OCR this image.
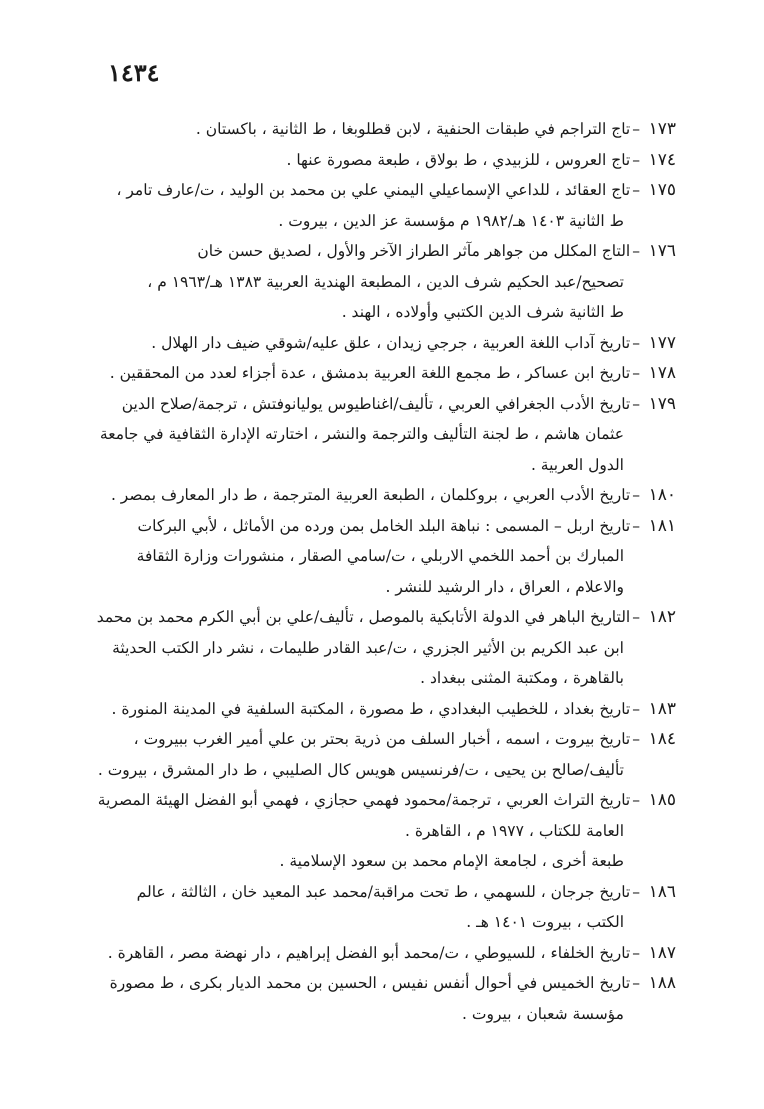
١٤٣٤
١٧٣–تاج التراجم في طبقات الحنفية ، لابن قطلوبغا ، ط الثانية ، باكستان .
١٧٤–تاج العروس ، للزبيدي ، ط بولاق ، طبعة مصورة عنها .
١٧٥–تاج العقائد ، للداعي الإسماعيلي اليمني علي بن محمد بن الوليد ، ت/عارف تامر ،
ط الثانية ١٤٠٣ هـ/١٩٨٢ م مؤسسة عز الدين ، بيروت .
١٧٦–التاج المكلل من جواهر مآثر الطراز الآخر والأول ، لصديق حسن خان
تصحيح/عبد الحكيم شرف الدين ، المطبعة الهندية العربية ١٣٨٣ هـ/١٩٦٣ م ،
ط الثانية شرف الدين الكتبي وأولاده ، الهند .
١٧٧–تاريخ آداب اللغة العربية ، جرجي زيدان ، علق عليه/شوقي ضيف دار الهلال .
١٧٨–تاريخ ابن عساكر ، ط مجمع اللغة العربية بدمشق ، عدة أجزاء لعدد من المحققين .
١٧٩–تاريخ الأدب الجغرافي العربي ، تأليف/اغناطيوس يوليانوفتش ، ترجمة/صلاح الدين
عثمان هاشم ، ط لجنة التأليف والترجمة والنشر ، اختارته الإدارة الثقافية في جامعة
الدول العربية .
١٨٠–تاريخ الأدب العربي ، بروكلمان ، الطبعة العربية المترجمة ، ط دار المعارف بمصر .
١٨١–تاريخ اربل – المسمى : نباهة البلد الخامل بمن ورده من الأماثل ، لأبي البركات
المبارك بن أحمد اللخمي الاربلي ، ت/سامي الصقار ، منشورات وزارة الثقافة
والاعلام ، العراق ، دار الرشيد للنشر .
١٨٢–التاريخ الباهر في الدولة الأتابكية بالموصل ، تأليف/علي بن أبي الكرم محمد بن محمد
ابن عبد الكريم بن الأثير الجزري ، ت/عبد القادر طليمات ، نشر دار الكتب الحديثة
بالقاهرة ، ومكتبة المثنى ببغداد .
١٨٣–تاريخ بغداد ، للخطيب البغدادي ، ط مصورة ، المكتبة السلفية في المدينة المنورة .
١٨٤–تاريخ بيروت ، اسمه ، أخبار السلف من ذرية بحتر بن علي أمير الغرب ببيروت ،
تأليف/صالح بن يحيى ، ت/فرنسيس هويس كال الصليبي ، ط دار المشرق ، بيروت .
١٨٥–تاريخ التراث العربي ، ترجمة/محمود فهمي حجازي ، فهمي أبو الفضل الهيئة المصرية
العامة للكتاب ، ١٩٧٧ م ، القاهرة .
طبعة أخرى ، لجامعة الإمام محمد بن سعود الإسلامية .
١٨٦–تاريخ جرجان ، للسهمي ، ط تحت مراقبة/محمد عبد المعيد خان ، الثالثة ، عالم
الكتب ، بيروت ١٤٠١ هـ .
١٨٧–تاريخ الخلفاء ، للسيوطي ، ت/محمد أبو الفضل إبراهيم ، دار نهضة مصر ، القاهرة .
١٨٨–تاريخ الخميس في أحوال أنفس نفيس ، الحسين بن محمد الديار بكرى ، ط مصورة
مؤسسة شعبان ، بيروت .
